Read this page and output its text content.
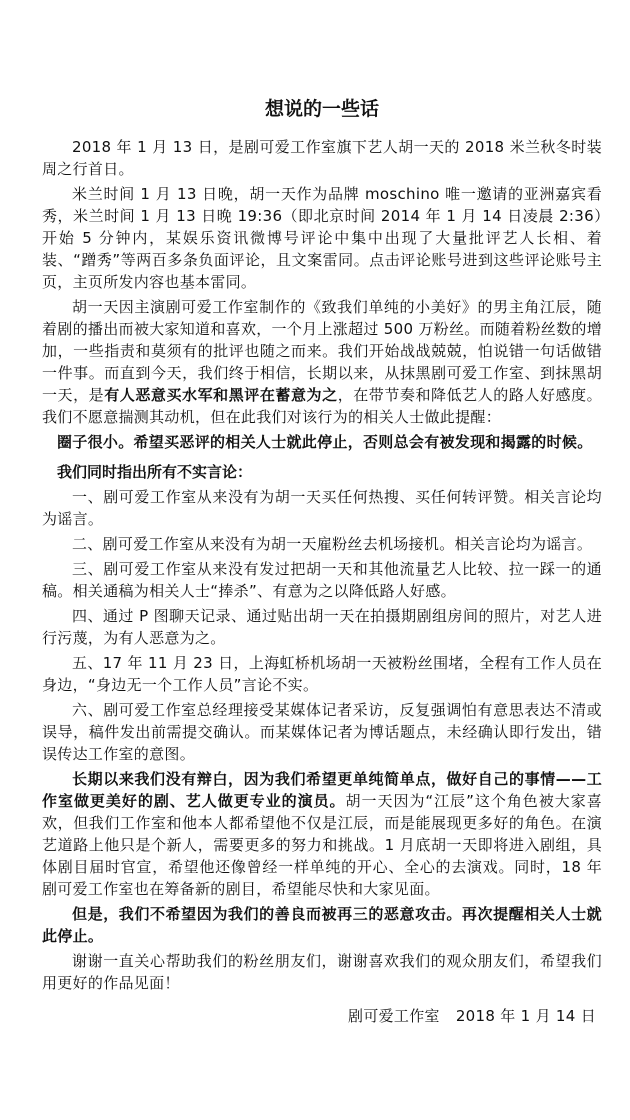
想说的一些话

2018 年 1 月 13 日，是剧可爱工作室旗下艺人胡一天的 2018 米兰秋冬时装周之行首日。

米兰时间 1 月 13 日晚，胡一天作为品牌 moschino 唯一邀请的亚洲嘉宾看秀，米兰时间 1 月 13 日晚 19:36（即北京时间 2014 年 1 月 14 日凌晨 2:36）开始 5 分钟内，某娱乐资讯微博号评论中集中出现了大量批评艺人长相、着装、“蹭秀”等两百多条负面评论，且文案雷同。点击评论账号进到这些评论账号主页，主页所发内容也基本雷同。

胡一天因主演剧可爱工作室制作的《致我们单纯的小美好》的男主角江辰，随着剧的播出而被大家知道和喜欢，一个月上涨超过 500 万粉丝。而随着粉丝数的增加，一些指责和莫须有的批评也随之而来。我们开始战战兢兢，怕说错一句话做错一件事。而直到今天，我们终于相信，长期以来，从抹黑剧可爱工作室、到抹黑胡一天，是有人恶意买水军和黑评在蓄意为之，在带节奏和降低艺人的路人好感度。我们不愿意揣测其动机，但在此我们对该行为的相关人士做此提醒：

圈子很小。希望买恶评的相关人士就此停止，否则总会有被发现和揭露的时候。

我们同时指出所有不实言论：

一、剧可爱工作室从来没有为胡一天买任何热搜、买任何转评赞。相关言论均为谣言。

二、剧可爱工作室从来没有为胡一天雇粉丝去机场接机。相关言论均为谣言。

三、剧可爱工作室从来没有发过把胡一天和其他流量艺人比较、拉一踩一的通稿。相关通稿为相关人士“捧杀”、有意为之以降低路人好感。

四、通过 P 图聊天记录、通过贴出胡一天在拍摄期剧组房间的照片，对艺人进行污蔑，为有人恶意为之。

五、17 年 11 月 23 日，上海虹桥机场胡一天被粉丝围堵，全程有工作人员在身边，“身边无一个工作人员”言论不实。

六、剧可爱工作室总经理接受某媒体记者采访，反复强调怕有意思表达不清或误导，稿件发出前需提交确认。而某媒体记者为博话题点，未经确认即行发出，错误传达工作室的意图。

长期以来我们没有辩白，因为我们希望更单纯简单点，做好自己的事情——工作室做更美好的剧、艺人做更专业的演员。胡一天因为“江辰”这个角色被大家喜欢，但我们工作室和他本人都希望他不仅是江辰，而是能展现更多好的角色。在演艺道路上他只是个新人，需要更多的努力和挑战。1 月底胡一天即将进入剧组，具体剧目届时官宣，希望他还像曾经一样单纯的开心、全心的去演戏。同时，18 年剧可爱工作室也在筹备新的剧目，希望能尽快和大家见面。

但是，我们不希望因为我们的善良而被再三的恶意攻击。再次提醒相关人士就此停止。

谢谢一直关心帮助我们的粉丝朋友们，谢谢喜欢我们的观众朋友们，希望我们用更好的作品见面！

剧可爱工作室 2018 年 1 月 14 日
